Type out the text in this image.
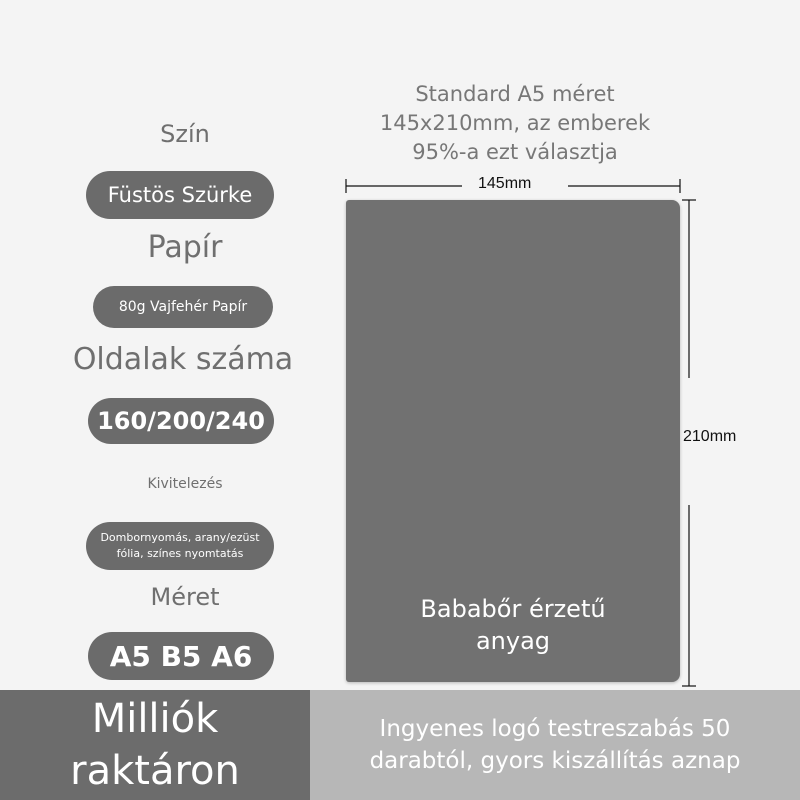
Szín
Füstös Szürke
Papír
80g Vajfehér Papír
Oldalak száma
160/200/240
Kivitelezés
Dombornyomás, arany/ezüst
fólia, színes nyomtatás
Méret
A5 B5 A6
Standard A5 méret
145x210mm, az emberek
95%-a ezt választja
145mm
210mm
Bababőr érzetű
anyag
Milliók
raktáron
Ingyenes logó testreszabás 50
darabtól, gyors kiszállítás aznap
